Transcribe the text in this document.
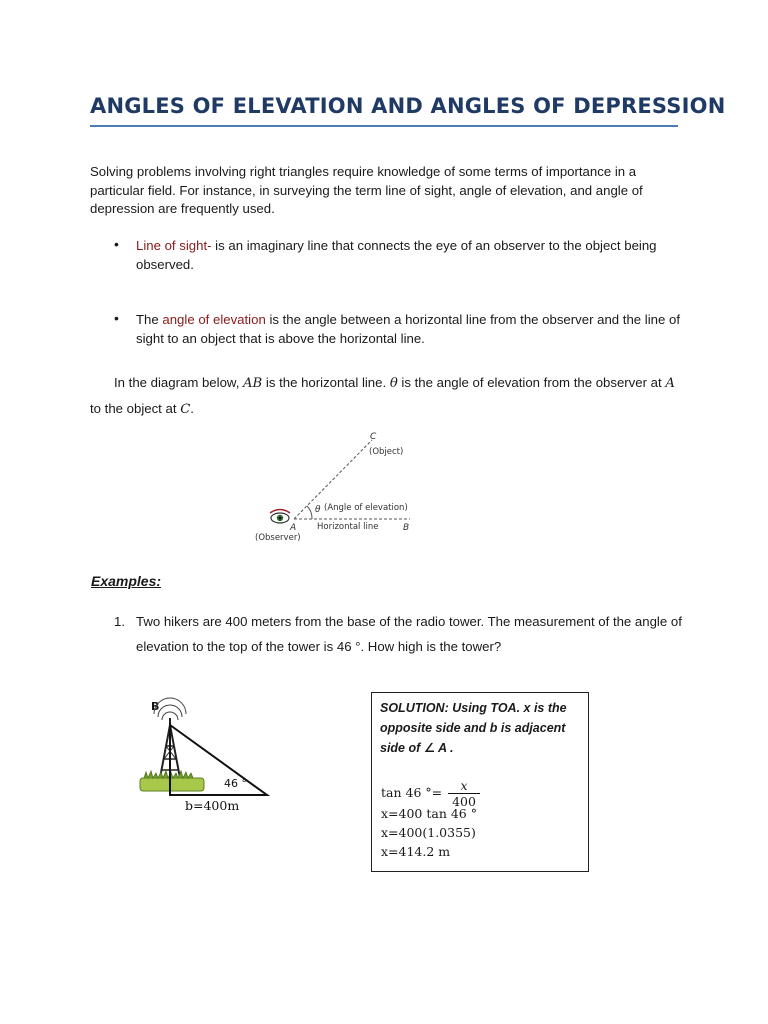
ANGLES OF ELEVATION AND ANGLES OF DEPRESSION
Solving problems involving right triangles require knowledge of some terms of importance in a particular field. For instance, in surveying the term line of sight, angle of elevation, and angle of depression are frequently used.
• Line of sight- is an imaginary line that connects the eye of an observer to the object being observed.
• The angle of elevation is the angle between a horizontal line from the observer and the line of sight to an object that is above the horizontal line.
In the diagram below, AB is the horizontal line. θ is the angle of elevation from the observer at A to the object at C.
C
(Object)
θ (Angle of elevation)
A Horizontal line	B
(Observer)
Examples:
1. Two hikers are 400 meters from the base of the radio tower. The measurement of the angle of elevation to the top of the tower is 46 °. How high is the tower?
B
46 °
b=400m
SOLUTION: Using TOA. x is the opposite side and b is adjacent side of ∠ A .
tan 46 °= $\frac{x}{400}$
x=400 tan 46 °
x=400(1.0355)
x=414.2 m
